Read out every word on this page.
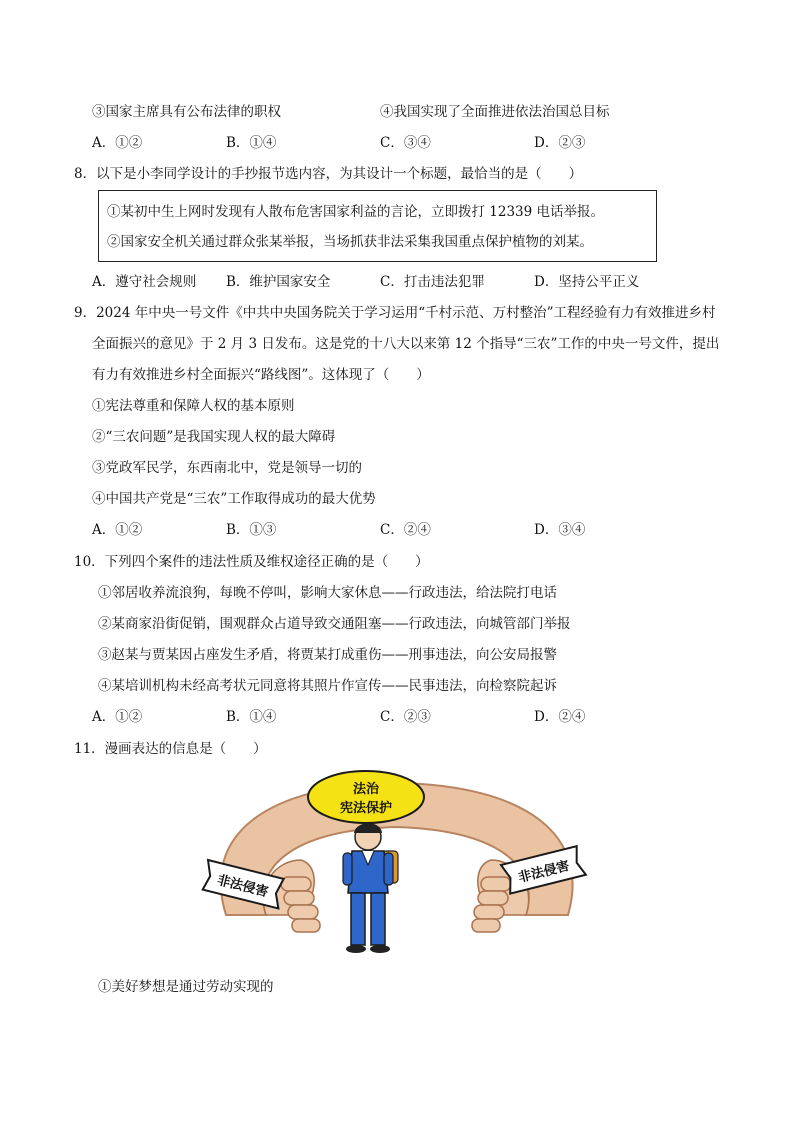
③国家主席具有公布法律的职权	④我国实现了全面推进依法治国总目标
A．①②	B．①④	C．③④	D．②③
8．以下是小李同学设计的手抄报节选内容，为其设计一个标题，最恰当的是（　　）
①某初中生上网时发现有人散布危害国家利益的言论，立即拨打 12339 电话举报。
②国家安全机关通过群众张某举报，当场抓获非法采集我国重点保护植物的刘某。
A．遵守社会规则 B．维护国家安全	C．打击违法犯罪	D．坚持公平正义
9．2024 年中央一号文件《中共中央国务院关于学习运用“千村示范、万村整治”工程经验有力有效推进乡村
全面振兴的意见》于 2 月 3 日发布。这是党的十八大以来第 12 个指导“三农”工作的中央一号文件，提出
有力有效推进乡村全面振兴“路线图”。这体现了（　　）
①宪法尊重和保障人权的基本原则
②“三农问题”是我国实现人权的最大障碍
③党政军民学，东西南北中，党是领导一切的
④中国共产党是“三农”工作取得成功的最大优势
A．①②	B．①③	C．②④	D．③④
10．下列四个案件的违法性质及维权途径正确的是（　　）
①邻居收养流浪狗，每晚不停叫，影响大家休息——行政违法，给法院打电话
②某商家沿街促销，围观群众占道导致交通阻塞——行政违法，向城管部门举报
③赵某与贾某因占座发生矛盾，将贾某打成重伤——刑事违法，向公安局报警
④某培训机构未经高考状元同意将其照片作宣传——民事违法，向检察院起诉
A．①②	B．①④	C．②③	D．②④
11．漫画表达的信息是（　　）
法治
宪法保护
非法侵害
非法侵害
①美好梦想是通过劳动实现的
